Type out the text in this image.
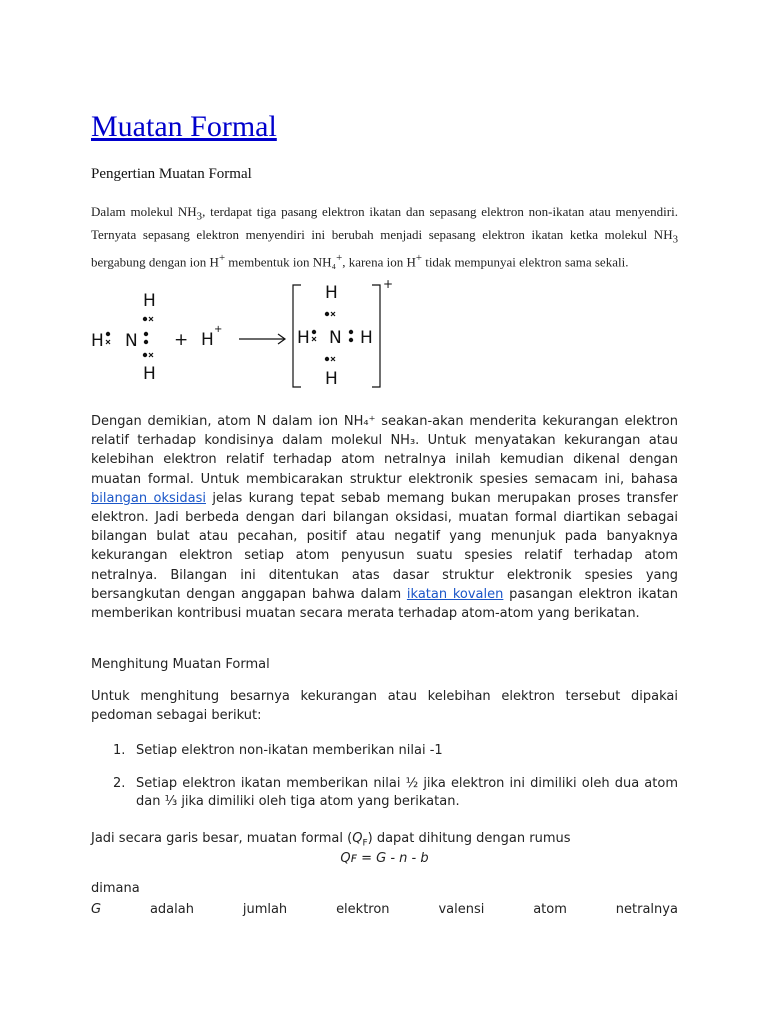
Muatan Formal
Pengertian Muatan Formal
Dalam molekul $NH_3$, terdapat tiga pasang elektron ikatan dan sepasang elektron non-ikatan atau menyendiri. Ternyata sepasang elektron menyendiri ini berubah menjadi sepasang elektron ikatan ketka molekul $NH_3$ bergabung dengan ion H+ membentuk ion NH₄+, karena ion H+ tidak mempunyai elektron sama sekali.
Dengan demikian, atom N dalam ion NH₄⁺ seakan-akan menderita kekurangan elektron relatif terhadap kondisinya dalam molekul NH₃. Untuk menyatakan kekurangan atau kelebihan elektron relatif terhadap atom netralnya inilah kemudian dikenal dengan muatan formal. Untuk membicarakan struktur elektronik spesies semacam ini, bahasa bilangan oksidasi jelas kurang tepat sebab memang bukan merupakan proses transfer elektron. Jadi berbeda dengan dari bilangan oksidasi, muatan formal diartikan sebagai bilangan bulat atau pecahan, positif atau negatif yang menunjuk pada banyaknya kekurangan elektron setiap atom penyusun suatu spesies relatif terhadap atom netralnya. Bilangan ini ditentukan atas dasar struktur elektronik spesies yang bersangkutan dengan anggapan bahwa dalam ikatan kovalen pasangan elektron ikatan memberikan kontribusi muatan secara merata terhadap atom-atom yang berikatan.
Menghitung Muatan Formal
Untuk menghitung besarnya kekurangan atau kelebihan elektron tersebut dipakai pedoman sebagai berikut:
1. Setiap elektron non-ikatan memberikan nilai -1
2. Setiap elektron ikatan memberikan nilai ½ jika elektron ini dimiliki oleh dua atom dan ⅓ jika dimiliki oleh tiga atom yang berikatan.
Jadi secara garis besar, muatan formal $(Q_F)$ dapat dihitung dengan rumus
Qꜰ = G - n - b
dimana
G	adalah	jumlah	elektron	valensi	atom	netralnya
H
H N
H
+ H
+
H
H N H
H
+
